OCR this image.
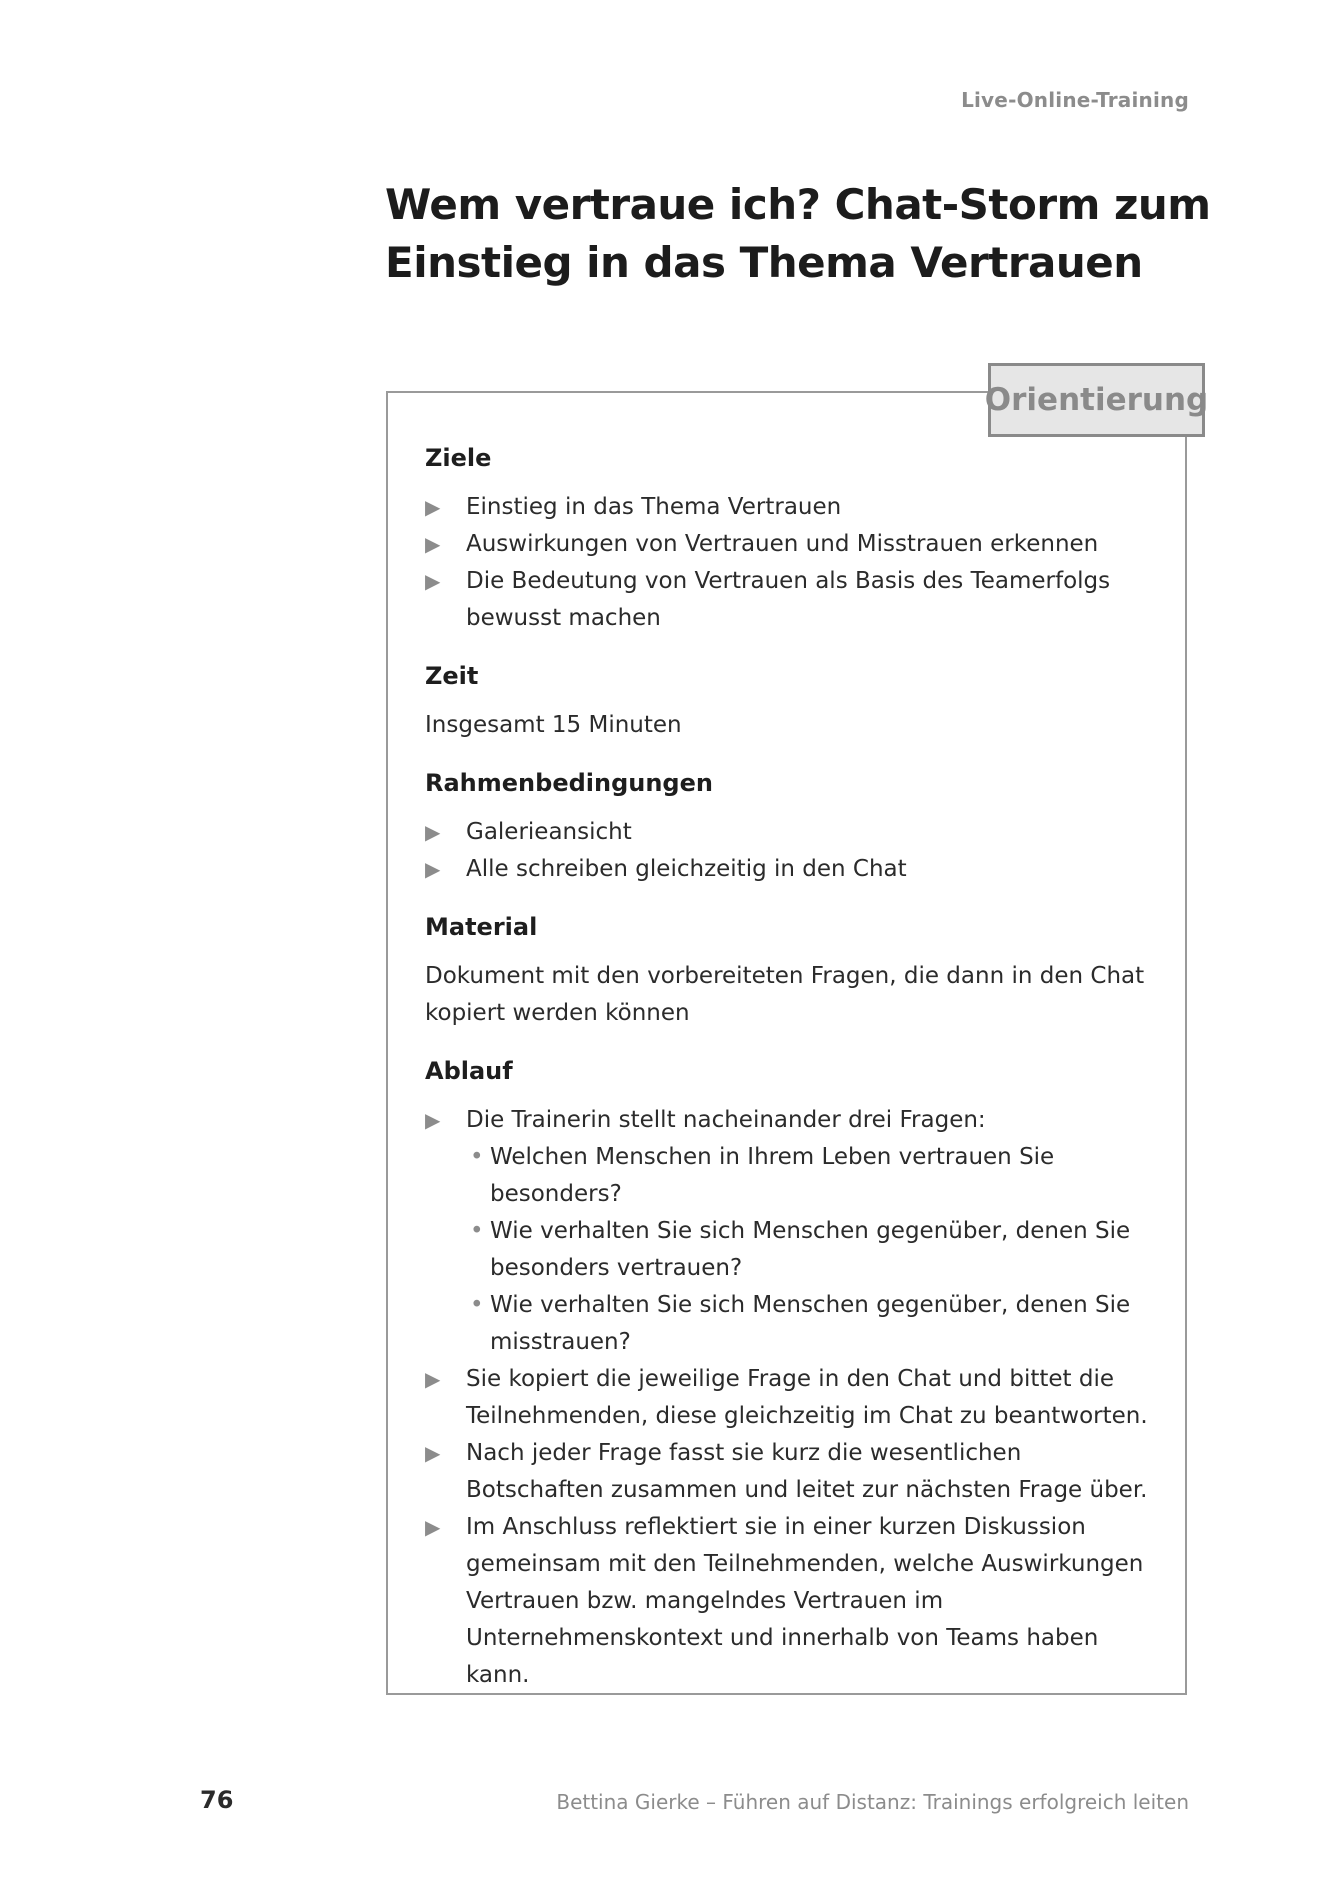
Live-Online-Training
Wem vertraue ich? Chat-Storm zum Einstieg in das Thema Vertrauen
Orientierung
Ziele
▶ Einstieg in das Thema Vertrauen
▶ Auswirkungen von Vertrauen und Misstrauen erkennen
▶ Die Bedeutung von Vertrauen als Basis des Teamerfolgs bewusst machen
Zeit

Insgesamt 15 Minuten

Rahmenbedingungen
▶ Galerieansicht
▶ Alle schreiben gleichzeitig in den Chat
Material

Dokument mit den vorbereiteten Fragen, die dann in den Chat kopiert werden können

Ablauf
▶ Die Trainerin stellt nacheinander drei Fragen:
• Welchen Menschen in Ihrem Leben vertrauen Sie besonders?
• Wie verhalten Sie sich Menschen gegenüber, denen Sie besonders vertrauen?
• Wie verhalten Sie sich Menschen gegenüber, denen Sie misstrauen?
▶ Sie kopiert die jeweilige Frage in den Chat und bittet die Teilnehmenden, diese gleichzeitig im Chat zu beantworten.
▶ Nach jeder Frage fasst sie kurz die wesentlichen Botschaften zusammen und leitet zur nächsten Frage über.
▶ Im Anschluss reflektiert sie in einer kurzen Diskussion gemeinsam mit den Teilnehmenden, welche Auswirkungen Vertrauen bzw. mangelndes Vertrauen im Unternehmenskontext und innerhalb von Teams haben kann.
76	Bettina Gierke – Führen auf Distanz: Trainings erfolgreich leiten
